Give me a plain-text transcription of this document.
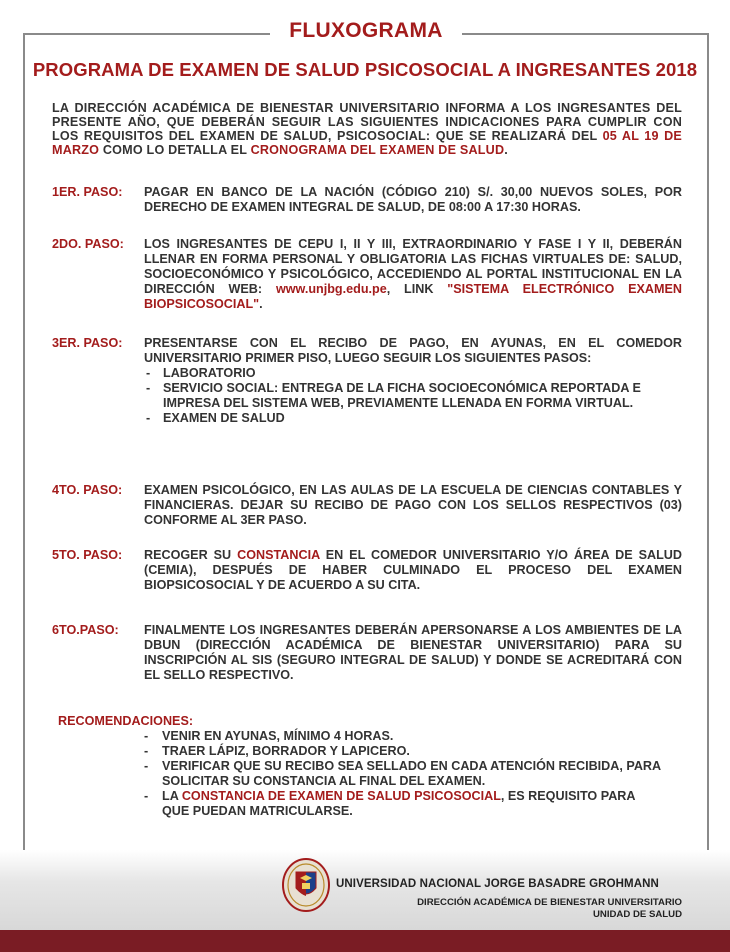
FLUXOGRAMA
PROGRAMA DE EXAMEN DE SALUD PSICOSOCIAL A INGRESANTES 2018
LA DIRECCIÓN ACADÉMICA DE BIENESTAR UNIVERSITARIO INFORMA A LOS INGRESANTES DEL PRESENTE AÑO, QUE DEBERÁN SEGUIR LAS SIGUIENTES INDICACIONES PARA CUMPLIR CON LOS REQUISITOS DEL EXAMEN DE SALUD, PSICOSOCIAL: QUE SE REALIZARÁ DEL 05 AL 19 DE MARZO COMO LO DETALLA EL CRONOGRAMA DEL EXAMEN DE SALUD.
1ER. PASO:	PAGAR EN BANCO DE LA NACIÓN (CÓDIGO 210) S/. 30,00 NUEVOS SOLES, POR DERECHO DE EXAMEN INTEGRAL DE SALUD, DE 08:00 A 17:30 HORAS.
2DO. PASO:	LOS INGRESANTES DE CEPU I, II Y III, EXTRAORDINARIO Y FASE I Y II, DEBERÁN LLENAR EN FORMA PERSONAL Y OBLIGATORIA LAS FICHAS VIRTUALES DE: SALUD, SOCIOECONÓMICO Y PSICOLÓGICO, ACCEDIENDO AL PORTAL INSTITUCIONAL EN LA DIRECCIÓN WEB: www.unjbg.edu.pe, LINK "SISTEMA ELECTRÓNICO EXAMEN BIOPSICOSOCIAL".
3ER. PASO:	PRESENTARSE CON EL RECIBO DE PAGO, EN AYUNAS, EN EL COMEDOR UNIVERSITARIO PRIMER PISO, LUEGO SEGUIR LOS SIGUIENTES PASOS:
- LABORATORIO
- SERVICIO SOCIAL: ENTREGA DE LA FICHA SOCIOECONÓMICA REPORTADA E IMPRESA DEL SISTEMA WEB, PREVIAMENTE LLENADA EN FORMA VIRTUAL.
- EXAMEN DE SALUD
4TO. PASO:	EXAMEN PSICOLÓGICO, EN LAS AULAS DE LA ESCUELA DE CIENCIAS CONTABLES Y FINANCIERAS. DEJAR SU RECIBO DE PAGO CON LOS SELLOS RESPECTIVOS (03) CONFORME AL 3ER PASO.
5TO. PASO:	RECOGER SU CONSTANCIA EN EL COMEDOR UNIVERSITARIO Y/O ÁREA DE SALUD (CEMIA), DESPUÉS DE HABER CULMINADO EL PROCESO DEL EXAMEN BIOPSICOSOCIAL Y DE ACUERDO A SU CITA.
6TO.PASO:	FINALMENTE LOS INGRESANTES DEBERÁN APERSONARSE A LOS AMBIENTES DE LA DBUN (DIRECCIÓN ACADÉMICA DE BIENESTAR UNIVERSITARIO) PARA SU INSCRIPCIÓN AL SIS (SEGURO INTEGRAL DE SALUD) Y DONDE SE ACREDITARÁ CON EL SELLO RESPECTIVO.
RECOMENDACIONES:
- VENIR EN AYUNAS, MÍNIMO 4 HORAS.
- TRAER LÁPIZ, BORRADOR Y LAPICERO.
- VERIFICAR QUE SU RECIBO SEA SELLADO EN CADA ATENCIÓN RECIBIDA, PARA SOLICITAR SU CONSTANCIA AL FINAL DEL EXAMEN.
- LA CONSTANCIA DE EXAMEN DE SALUD PSICOSOCIAL, ES REQUISITO PARA QUE PUEDAN MATRICULARSE.
UNIVERSIDAD NACIONAL JORGE BASADRE GROHMANN
DIRECCIÓN ACADÉMICA DE BIENESTAR UNIVERSITARIO
UNIDAD DE SALUD
